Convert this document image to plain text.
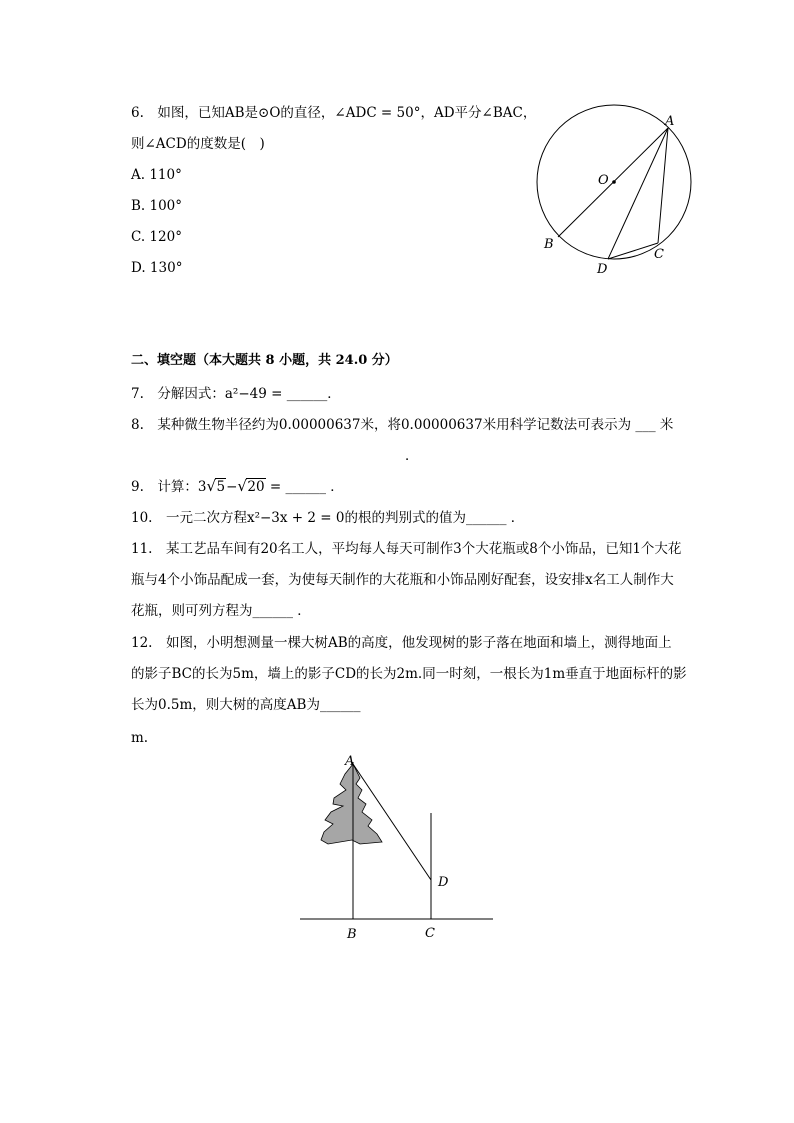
6.　如图，已知AB是⊙O的直径，∠ADC = 50°，AD平分∠BAC，
则∠ACD的度数是(　)
A. 110°
B. 100°
C. 120°
D. 130°
A
O
B
D
C
二、填空题（本大题共 8 小题，共 24.0 分）
7.　分解因式：a²−49 = ______．
8.　某种微生物半径约为0.00000637米，将0.00000637米用科学记数法可表示为 ___ 米
．
9.　计算：3 √ 5− √ 20 = ______ ．
10.　一元二次方程x²−3x + 2 = 0的根的判别式的值为______ ．
11.　某工艺品车间有20名工人，平均每人每天可制作3个大花瓶或8个小饰品，已知1个大花
瓶与4个小饰品配成一套，为使每天制作的大花瓶和小饰品刚好配套，设安排x名工人制作大
花瓶，则可列方程为______ ．
12.　如图，小明想测量一棵大树AB的高度，他发现树的影子落在地面和墙上，测得地面上
的影子BC的长为5m，墙上的影子CD的长为2m.同一时刻，一根长为1m垂直于地面标杆的影
长为0.5m，则大树的高度AB为______
m.
A
D
B	C
